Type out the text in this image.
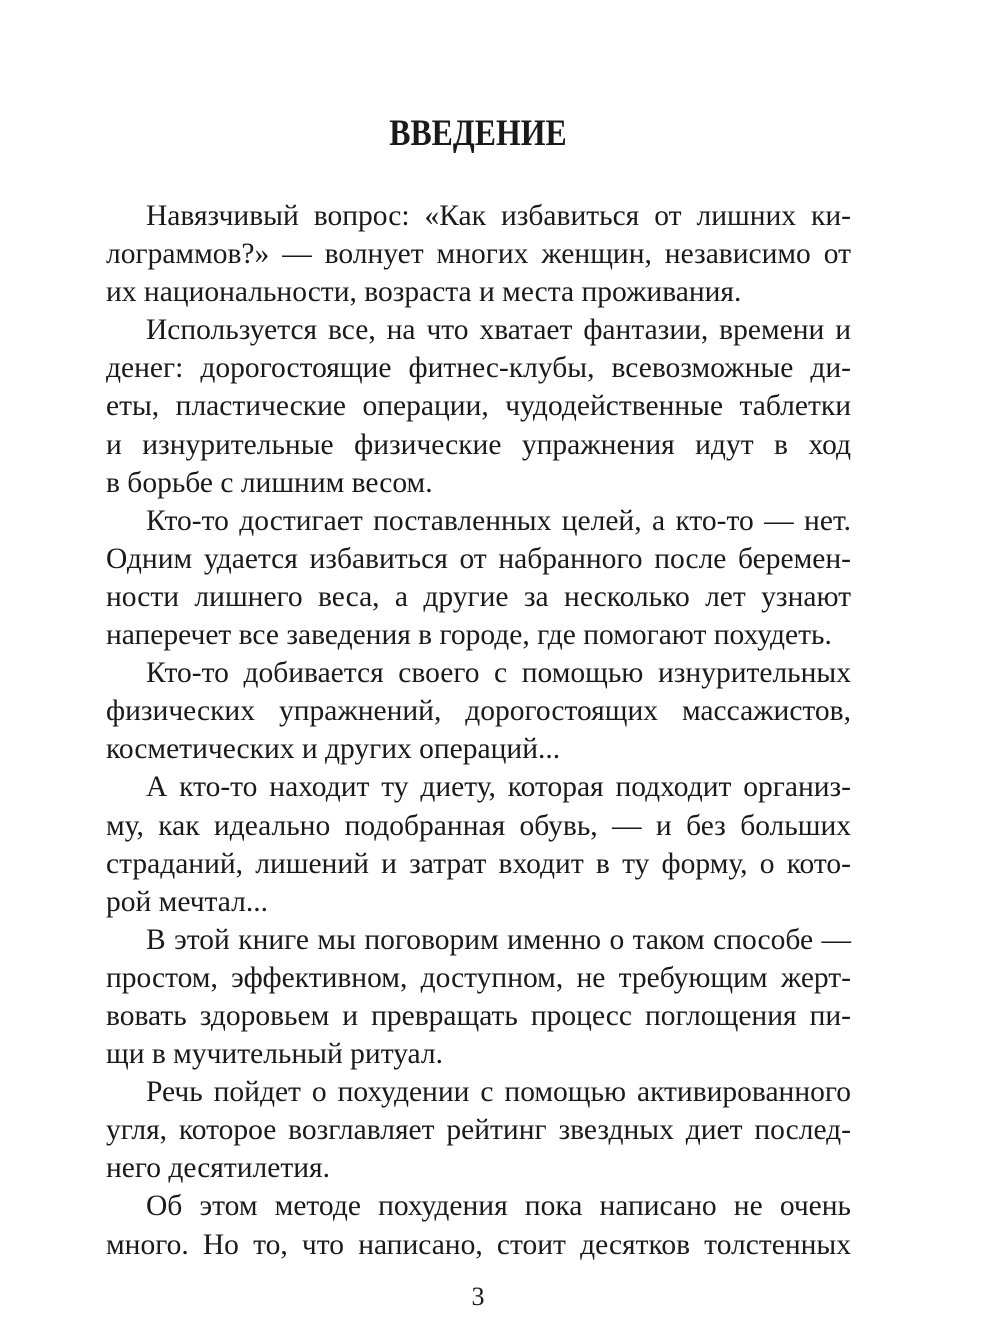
ВВЕДЕНИЕ

Навязчивый вопрос: «Как избавиться от лишних ки-
лограммов?» — волнует многих женщин, независимо от
их национальности, возраста и места проживания.

Используется все, на что хватает фантазии, времени и
денег: дорогостоящие фитнес-клубы, всевозможные ди-
еты, пластические операции, чудодейственные таблетки
и изнурительные физические упражнения идут в ход
в борьбе с лишним весом.

Кто-то достигает поставленных целей, а кто-то — нет.
Одним удается избавиться от набранного после беремен-
ности лишнего веса, а другие за несколько лет узнают
наперечет все заведения в городе, где помогают похудеть.

Кто-то добивается своего с помощью изнурительных
физических упражнений, дорогостоящих массажистов,
косметических и других операций...

А кто-то находит ту диету, которая подходит организ-
му, как идеально подобранная обувь, — и без больших
страданий, лишений и затрат входит в ту форму, о кото-
рой мечтал...

В этой книге мы поговорим именно о таком способе —
простом, эффективном, доступном, не требующим жерт-
вовать здоровьем и превращать процесс поглощения пи-
щи в мучительный ритуал.

Речь пойдет о похудении с помощью активированного
угля, которое возглавляет рейтинг звездных диет послед-
него десятилетия.

Об этом методе похудения пока написано не очень
много. Но то, что написано, стоит десятков толстенных

3
